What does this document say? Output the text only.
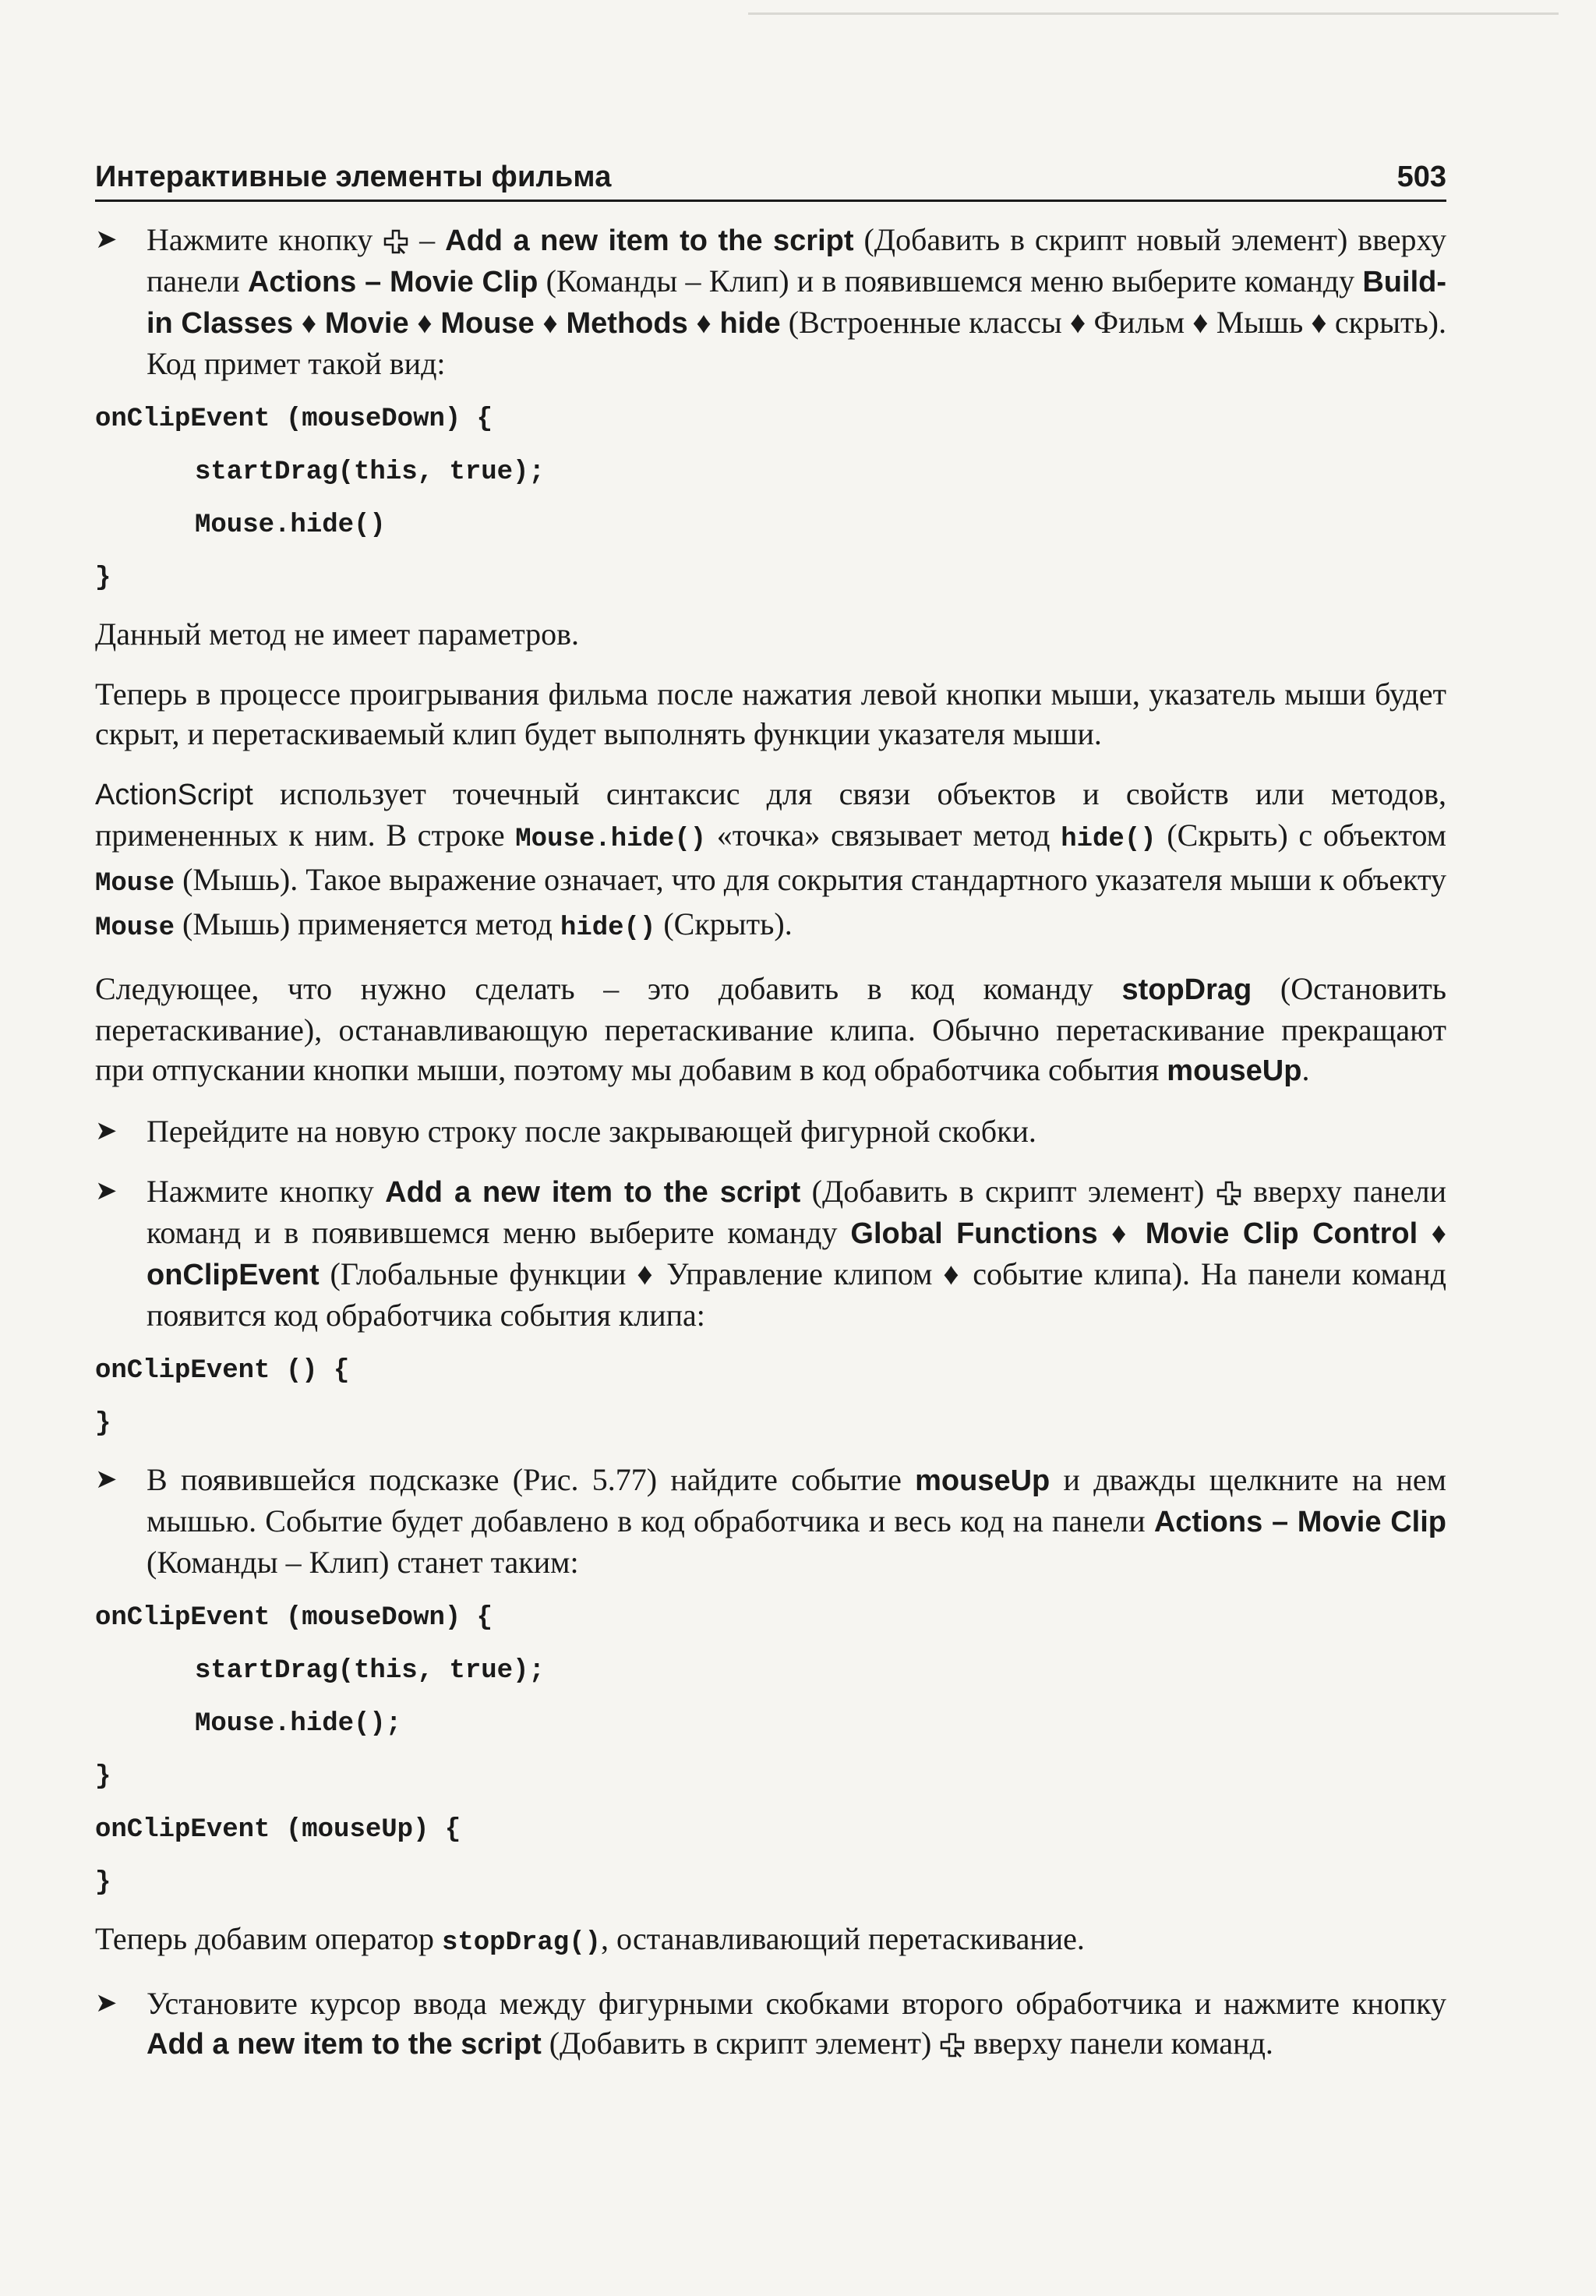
Интерактивные элементы фильма	503
➤ Нажмите кнопку  – Add a new item to the script (Добавить в скрипт новый элемент) вверху панели Actions – Movie Clip (Команды – Клип) и в появившемся меню выберите команду Build-in Classes ♦ Movie ♦ Mouse ♦ Methods ♦ hide (Встроенные классы ♦ Фильм ♦ Мышь ♦ скрыть). Код примет такой вид:

onClipEvent (mouseDown) {

startDrag(this, true);

Mouse.hide()

}

Данный метод не имеет параметров.

Теперь в процессе проигрывания фильма после нажатия левой кнопки мыши, указатель мыши будет скрыт, и перетаскиваемый клип будет выполнять функции указателя мыши.

ActionScript использует точечный синтаксис для связи объектов и свойств или методов, примененных к ним. В строке Mouse.hide() «точка» связывает метод hide() (Скрыть) с объектом Mouse (Мышь). Такое выражение означает, что для сокрытия стандартного указателя мыши к объекту Mouse (Мышь) применяется метод hide() (Скрыть).

Следующее, что нужно сделать – это добавить в код команду stopDrag (Остановить перетаскивание), останавливающую перетаскивание клипа. Обычно перетаскивание прекращают при отпускании кнопки мыши, поэтому мы добавим в код обработчика события mouseUp.

➤ Перейдите на новую строку после закрывающей фигурной скобки.
➤ Нажмите кнопку Add a new item to the script (Добавить в скрипт элемент)  вверху панели команд и в появившемся меню выберите команду Global Functions ♦ Movie Clip Control ♦ onClipEvent (Глобальные функции ♦ Управление клипом ♦ событие клипа). На панели команд появится код обработчика события клипа:

onClipEvent () {

}

➤ В появившейся подсказке (Рис. 5.77) найдите событие mouseUp и дважды щелкните на нем мышью. Событие будет добавлено в код обработчика и весь код на панели Actions – Movie Clip (Команды – Клип) станет таким:

onClipEvent (mouseDown) {

startDrag(this, true);

Mouse.hide();

}

onClipEvent (mouseUp) {

}

Теперь добавим оператор stopDrag(), останавливающий перетаскивание.

➤ Установите курсор ввода между фигурными скобками второго обработчика и нажмите кнопку Add a new item to the script (Добавить в скрипт элемент)  вверху панели команд.
